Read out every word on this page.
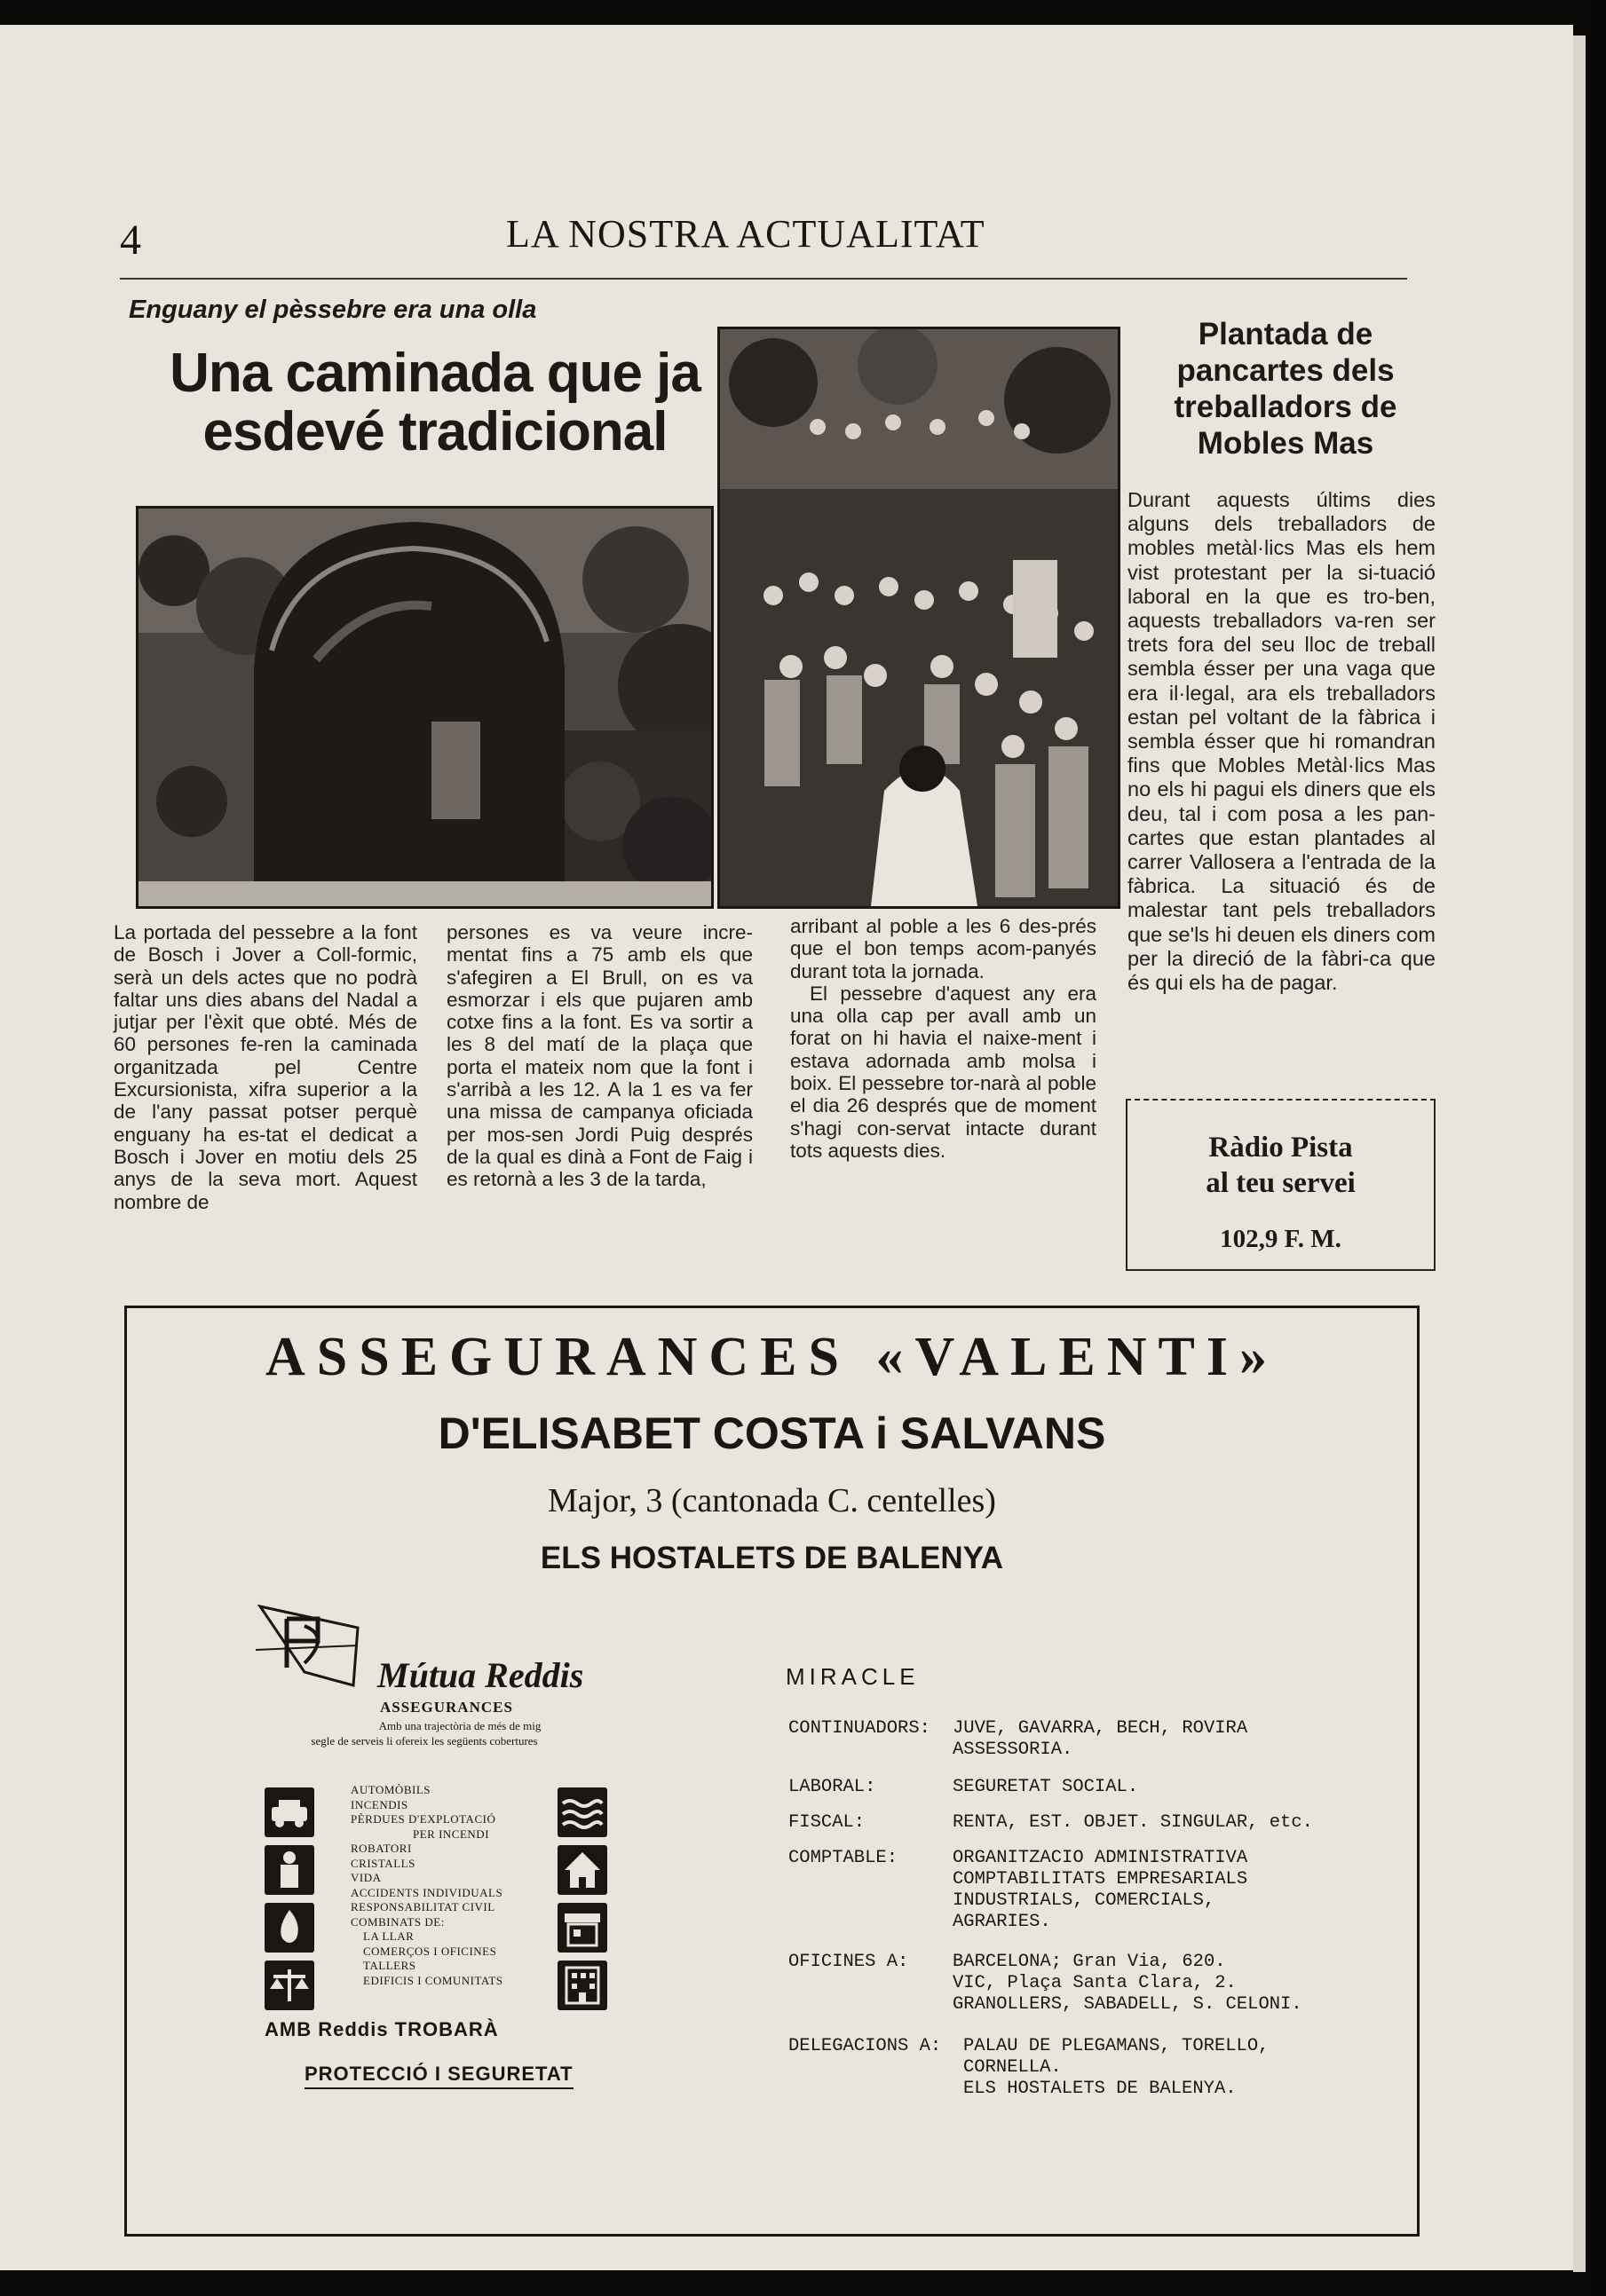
4	LA NOSTRA ACTUALITAT
Enguany el pèssebre era una olla
Una caminada que ja esdevé tradicional
La portada del pessebre a la font de Bosch i Jover a Coll-formic, serà un dels actes que no podrà faltar uns dies abans del Nadal a jutjar per l'èxit que obté. Més de 60 persones fe-ren la caminada organitzada pel Centre Excursionista, xifra superior a la de l'any passat potser perquè enguany ha es-tat el dedicat a Bosch i Jover en motiu dels 25 anys de la seva mort. Aquest nombre de
persones es va veure incre-mentat fins a 75 amb els que s'afegiren a El Brull, on es va esmorzar i els que pujaren amb cotxe fins a la font. Es va sortir a les 8 del matí de la plaça que porta el mateix nom que la font i s'arribà a les 12. A la 1 es va fer una missa de campanya oficiada per mos-sen Jordi Puig després de la qual es dinà a Font de Faig i es retornà a les 3 de la tarda,

arribant al poble a les 6 des-prés que el bon temps acom-panyés durant tota la jornada.

El pessebre d'aquest any era una olla cap per avall amb un forat on hi havia el naixe-ment i estava adornada amb molsa i boix. El pessebre tor-narà al poble el dia 26 després que de moment s'hagi con-servat intacte durant tots aquests dies.

Plantada de pancartes dels treballadors de Mobles Mas
Durant aquests últims dies alguns dels treballadors de mobles metàl·lics Mas els hem vist protestant per la si-tuació laboral en la que es tro-ben, aquests treballadors va-ren ser trets fora del seu lloc de treball sembla ésser per una vaga que era il·legal, ara els treballadors estan pel voltant de la fàbrica i sembla ésser que hi romandran fins que Mobles Metàl·lics Mas no els hi pagui els diners que els deu, tal i com posa a les pan-cartes que estan plantades al carrer Vallosera a l'entrada de la fàbrica. La situació és de malestar tant pels treballadors que se'ls hi deuen els diners com per la direció de la fàbri-ca que és qui els ha de pagar.
Ràdio Pista
al teu servei
102,9 F. M.
ASSEGURANCES «VALENTI»
D'ELISABET COSTA i SALVANS
Major, 3 (cantonada C. centelles)
ELS HOSTALETS DE BALENYA
Mútua Reddis
ASSEGURANCES
Amb una trajectòria de més de mig
segle de serveis li ofereix les següents cobertures
AUTOMÒBILS
INCENDIS
PÈRDUES D'EXPLOTACIÓ
PER INCENDI
ROBATORI
CRISTALLS
VIDA
ACCIDENTS INDIVIDUALS
RESPONSABILITAT CIVIL
COMBINATS DE:
LA LLAR
COMERÇOS I OFICINES
TALLERS
EDIFICIS I COMUNITATS
AMB Reddis TROBARÀ
PROTECCIÓ I SEGURETAT
MIRACLE
CONTINUADORS: JUVE, GAVARRA, BECH, ROVIRA
ASSESSORIA.
LABORAL:	SEGURETAT SOCIAL.
FISCAL:	RENTA, EST. OBJET. SINGULAR, etc.
COMPTABLE:	ORGANITZACIO ADMINISTRATIVA
COMPTABILITATS EMPRESARIALS
INDUSTRIALS, COMERCIALS,
AGRARIES.
OFICINES A: BARCELONA; Gran Via, 620.
VIC, Plaça Santa Clara, 2.
GRANOLLERS, SABADELL, S. CELONI.
DELEGACIONS A: PALAU DE PLEGAMANS, TORELLO,
CORNELLA.
ELS HOSTALETS DE BALENYA.
